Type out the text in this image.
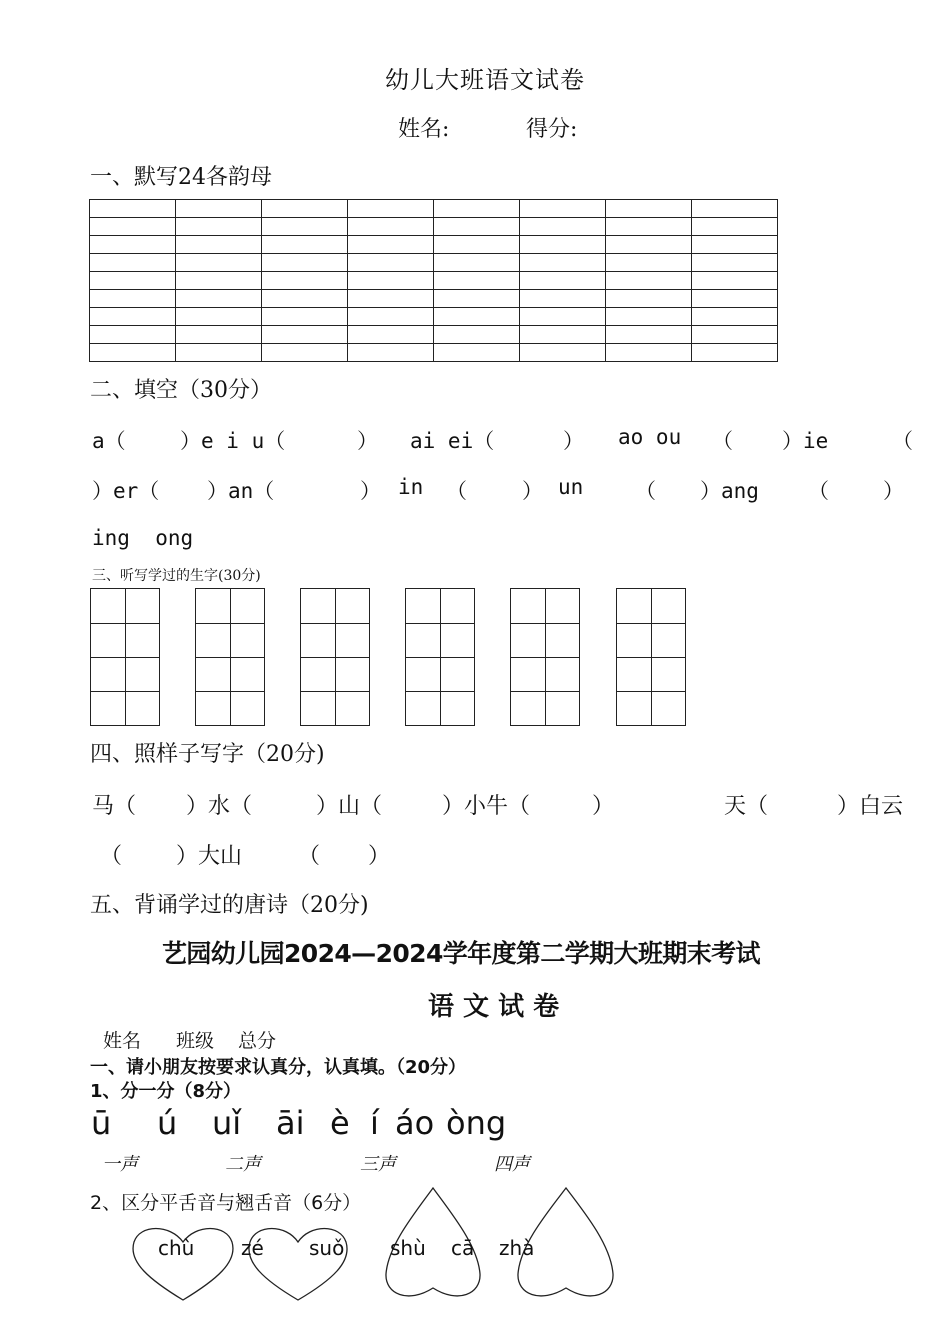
幼儿大班语文试卷
姓名:	得分:
一、默写24各韵母

二、填空（30分）
a（	）e i u（	） ai ei（	） ao ou （ ）ie	（
）er（ ）an（	） in （	） un （ ）ang （	）
ing  ong
三、听写学过的生字(30分)
四、照样子写字（20分)
马（ ）水（	）山（	）小牛（	）	天（	）白云
（ ）大山	（ ）
五、背诵学过的唐诗（20分)
艺园幼儿园2024—2024学年度第二学期大班期末考试
语 文 试 卷
姓名 班级 总分
一、请小朋友按要求认真分，认真填。（20分）
1、分一分（8分）
ū ú uǐ āi è í áo òng
一声	二声	三声	四声
2、区分平舌音与翘舌音（6分）
chù zé suǒ shù cā zhà
